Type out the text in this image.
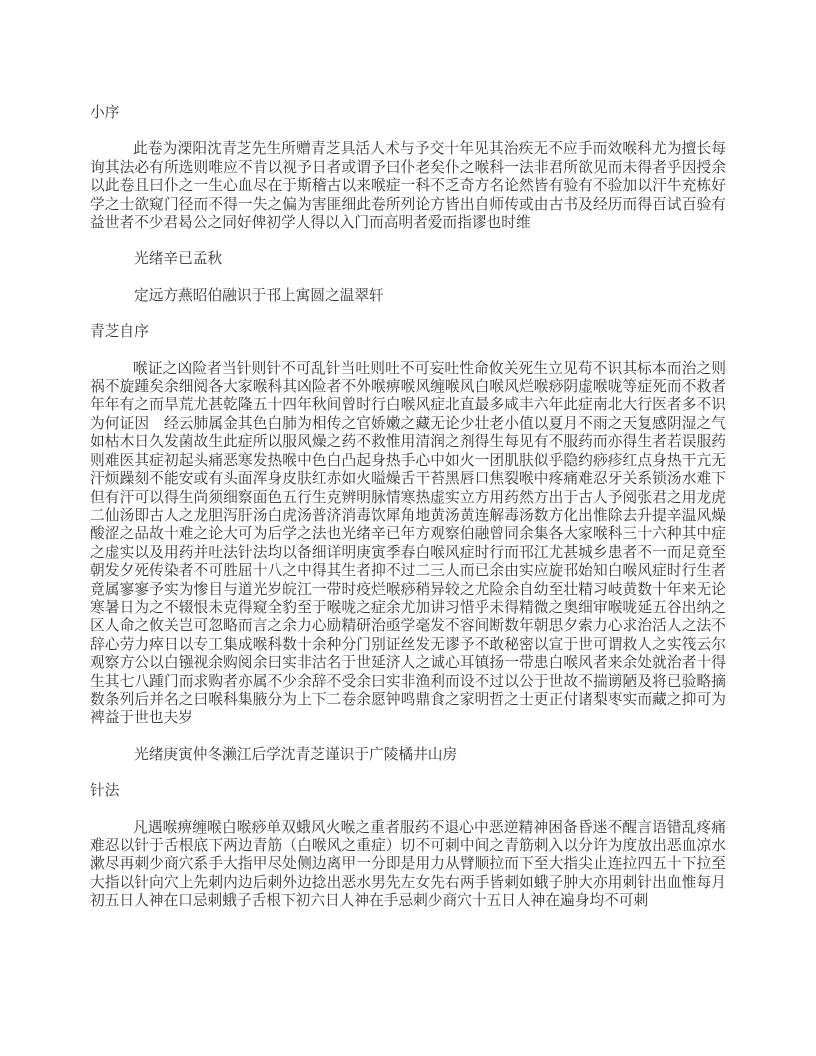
小序

此卷为溧阳沈青芝先生所赠青芝具活人术与予交十年见其治疾无不应手而效喉科尤为擅长每询其法必有所选则唯应不肯以视予日者或谓予曰仆老矣仆之喉科一法非君所欲见而未得者乎因授余以此卷且曰仆之一生心血尽在于斯稽古以来喉症一科不乏奇方名论然皆有验有不验加以汗牛充栋好学之士欲窥门径而不得一失之偏为害匪细此卷所列论方皆出自师传或由古书及经历而得百试百验有益世者不少君曷公之同好俾初学人得以入门而高明者爱而指谬也时维

光绪辛已孟秋

定远方燕昭伯融识于邗上寓圆之温翠轩

青芝自序

喉证之凶险者当针则针不可乱针当吐则吐不可妄吐性命攸关死生立见苟不识其标本而治之则祸不旋踵矣余细阅各大家喉科其凶险者不外喉痹喉风缠喉风白喉风烂喉痧阴虚喉咙等症死而不救者年年有之而旱荒尤甚乾隆五十四年秋间曾时行白喉风症北直最多咸丰六年此症南北大行医者多不识为何证因　经云肺属金其色白肺为相传之官娇嫩之藏无论少壮老小值以夏月不雨之天复感阴湿之气如枯木日久发菌故生此症所以服风燥之药不救惟用清润之剂得生每见有不服药而亦得生者若误服药则难医其症初起头痛恶寒发热喉中色白凸起身热手心中如火一团肌肤似乎隐约痧疹红点身热干亢无汗烦躁刻不能安或有头面浑身皮肤红赤如火嗌燥舌干苔黑唇口焦裂喉中疼痛难忍牙关系锁汤水难下但有汗可以得生尚须细察面色五行生克辨明脉情寒热虚实立方用药然方出于古人予阅张君之用龙虎二仙汤即古人之龙胆泻肝汤白虎汤普济消毒饮犀角地黄汤黄连解毒汤数方化出惟除去升提辛温风燥酸涩之品故十难之论大可为后学之法也光绪辛已年方观察伯融曾同余集各大家喉科三十六种其中症之虚实以及用药并吐法针法均以备细详明庚寅季春白喉风症时行而邗江尤甚城乡患者不一而足竟至朝发夕死传染者不可胜屈十八之中得其生者抑不过二三人而已余由实应旋邗始知白喉风症时行生者竟属寥寥予实为惨目与道光岁皖江一带时疫烂喉痧稍异较之尤险余自幼至壮精习岐黄数十年来无论寒暑日为之不辍恨未克得窥全豹至于喉咙之症余尤加讲习惜乎未得精微之奥细审喉咙延五谷出纳之区人命之攸关岂可忽略而言之余力心励精研治亟学毫发不容间断数年朝思夕索力心求治活人之法不辞心劳力瘁日以专工集成喉科数十余种分门别证丝发无谬予不敢秘密以宣于世可谓救人之实筏云尔观察方公以白镪视余购阅余曰实非沽名于世延济人之诚心耳镇扬一带患白喉风者来余处就治者十得生其七八踵门而求购者亦属不少余辞不受余曰实非渔利而设不过以公于世故不揣谫陋及将已验略摘数条列后并名之曰喉科集腋分为上下二卷余愿钟鸣鼎食之家明哲之士更正付诸梨枣实而藏之抑可为裨益于世也夫岁

光绪庚寅仲冬濑江后学沈青芝谨识于广陵橘井山房

针法

凡遇喉痹缠喉白喉痧单双蛾风火喉之重者服药不退心中恶逆精神困备昏迷不醒言语错乱疼痛难忍以针于舌根底下两边青筋（白喉风之重症）切不可刺中间之青筋刺入以分许为度放出恶血凉水漱尽再刺少商穴系手大指甲尽处侧边离甲一分即是用力从臂顺拉而下至大指尖止连拉四五十下拉至大指以针向穴上先刺内边后刺外边捻出恶水男先左女先右两手皆刺如蛾子肿大亦用刺针出血惟每月初五日人神在口忌刺蛾子舌根下初六日人神在手忌刺少商穴十五日人神在遍身均不可刺
